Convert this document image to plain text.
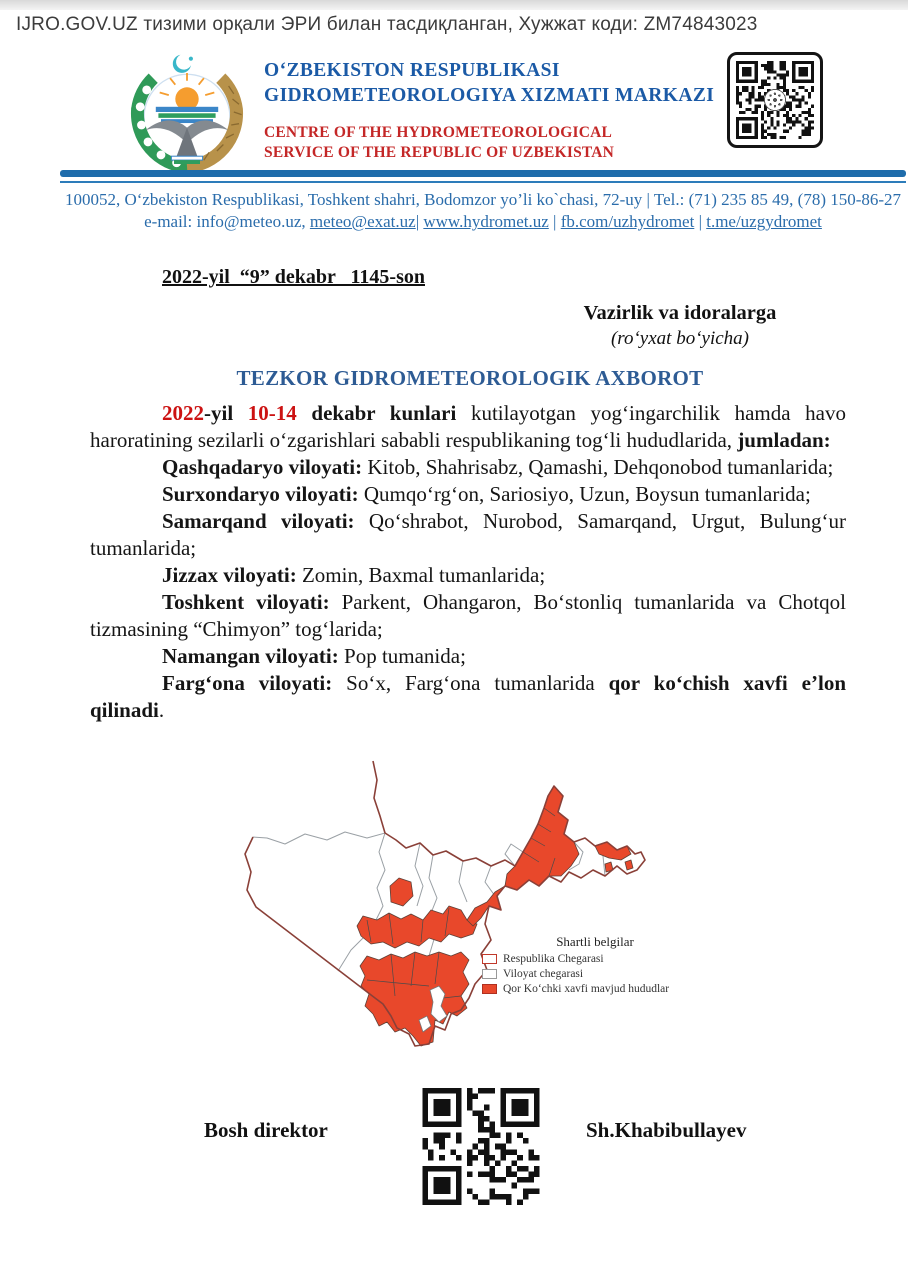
IJRO.GOV.UZ тизими орқали ЭРИ билан тасдиқланган, Хужжат коди: ZM74843023
O‘ZBEKISTON RESPUBLIKASI
GIDROMETEOROLOGIYA XIZMATI MARKAZI
CENTRE OF THE HYDROMETEOROLOGICAL
SERVICE OF THE REPUBLIC OF UZBEKISTAN
100052, O‘zbekiston Respublikasi, Toshkent shahri, Bodomzor yo’li ko`chasi, 72-uy | Tel.: (71) 235 85 49, (78) 150-86-27
e-mail: info@meteo.uz, meteo@exat.uz| www.hydromet.uz | fb.com/uzhydromet | t.me/uzgydromet
2022-yil  “9” dekabr   1145-son
Vazirlik va idoralarga
(ro‘yxat bo‘yicha)
TEZKOR GIDROMETEOROLOGIK AXBOROT

2022-yil 10-14 dekabr kunlari kutilayotgan yog‘ingarchilik hamda havo haroratining sezilarli o‘zgarishlari sababli respublikaning tog‘li hududlarida, jumladan:

Qashqadaryo viloyati: Kitob, Shahrisabz, Qamashi, Dehqonobod tumanlarida;

Surxondaryo viloyati: Qumqo‘rg‘on, Sariosiyo, Uzun, Boysun tumanlarida;

Samarqand viloyati: Qo‘shrabot, Nurobod, Samarqand, Urgut, Bulung‘ur tumanlarida;

Jizzax viloyati: Zomin, Baxmal tumanlarida;

Toshkent viloyati: Parkent, Ohangaron, Bo‘stonliq tumanlarida va Chotqol tizmasining “Chimyon” tog‘larida;

Namangan viloyati: Pop tumanida;

Farg‘ona viloyati: So‘x, Farg‘ona tumanlarida qor ko‘chish xavfi e’lon qilinadi.

Shartli belgilar
Respublika Chegarasi
Viloyat chegarasi
Qor Ko‘chki xavfi mavjud hududlar
Bosh direktor	Sh.Khabibullayev
